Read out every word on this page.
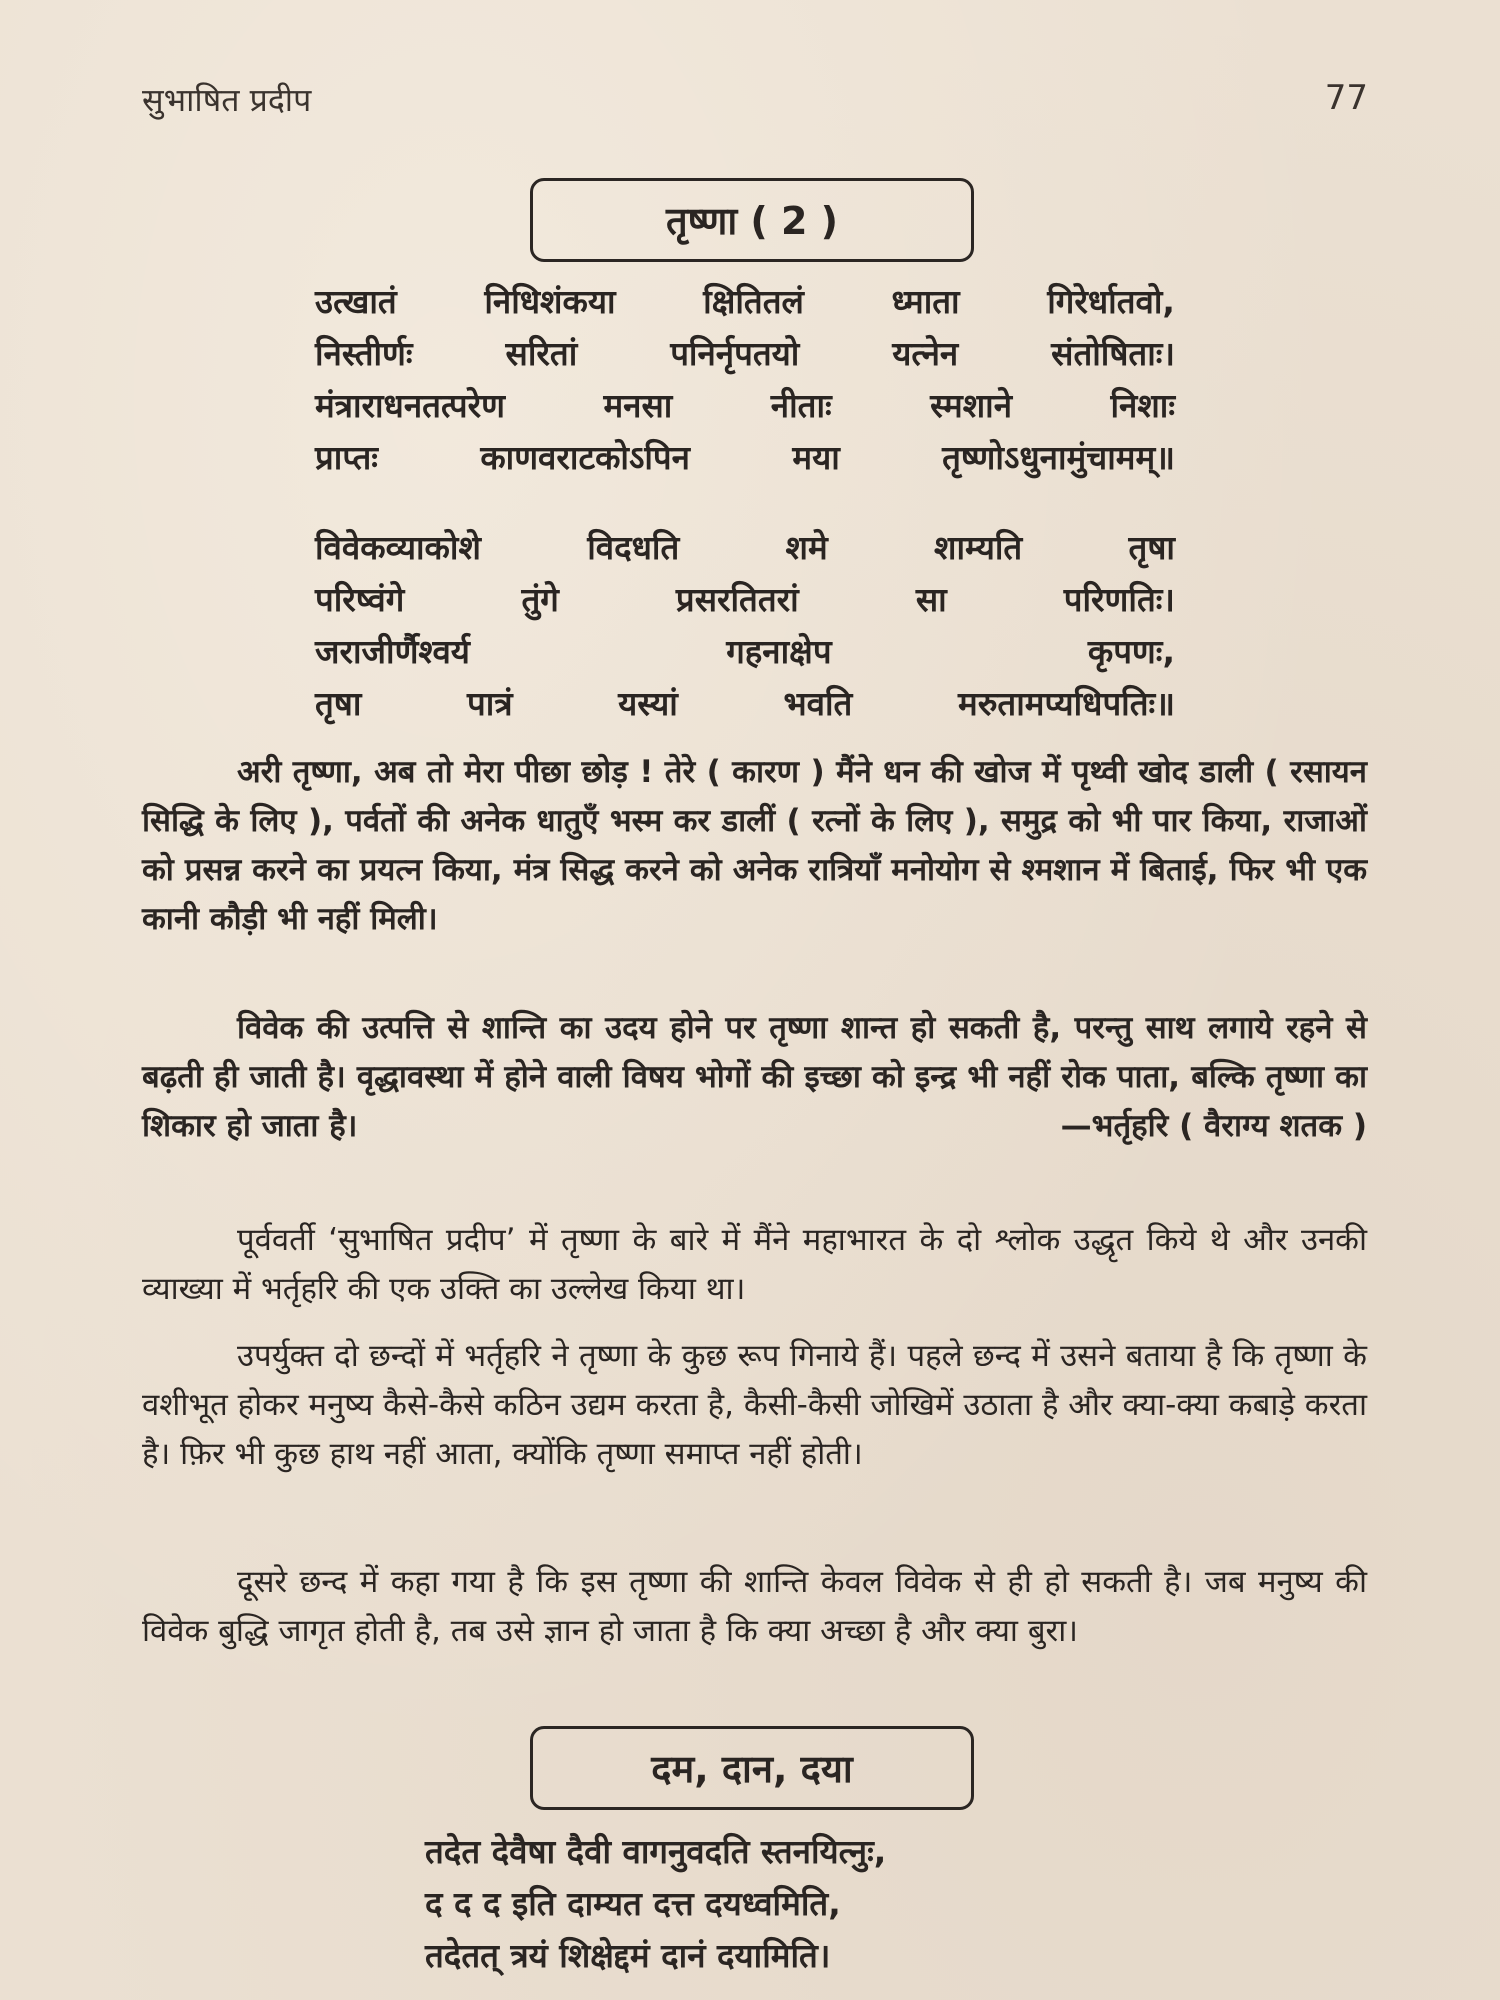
सुभाषित प्रदीप	77
तृष्णा ( 2 )
उत्खातं	निधिशंकया	क्षितितलं	ध्माता	गिरेर्धातवो,
निस्तीर्णः	सरितां	पनिर्नृपतयो	यत्नेन	संतोषिताः।
मंत्राराधनतत्परेण	मनसा	नीताः	स्मशाने	निशाः
प्राप्तः	काणवराटकोऽपिन	मया	तृष्णोऽधुनामुंचामम्॥
विवेकव्याकोशे	विदधति	शमे	शाम्यति	तृषा
परिष्वंगे	तुंगे	प्रसरतितरां	सा	परिणतिः।
जराजीर्णैश्वर्य	गहनाक्षेप	कृपणः,
तृषा	पात्रं	यस्यां	भवति	मरुतामप्यधिपतिः॥

अरी तृष्णा, अब तो मेरा पीछा छोड़ ! तेरे ( कारण ) मैंने धन की खोज में पृथ्वी खोद डाली ( रसायन सिद्धि के लिए ), पर्वतों की अनेक धातुएँ भस्म कर डालीं ( रत्नों के लिए ), समुद्र को भी पार किया, राजाओं को प्रसन्न करने का प्रयत्न किया, मंत्र सिद्ध करने को अनेक रात्रियाँ मनोयोग से श्मशान में बिताई, फिर भी एक कानी कौड़ी भी नहीं मिली।

विवेक की उत्पत्ति से शान्ति का उदय होने पर तृष्णा शान्त हो सकती है, परन्तु साथ लगाये रहने से बढ़ती ही जाती है। वृद्धावस्था में होने वाली विषय भोगों की इच्छा को इन्द्र भी नहीं रोक पाता, बल्कि तृष्णा का शिकार हो जाता है।	—भर्तृहरि ( वैराग्य शतक )

पूर्ववर्ती ‘सुभाषित प्रदीप’ में तृष्णा के बारे में मैंने महाभारत के दो श्लोक उद्धृत किये थे और उनकी व्याख्या में भर्तृहरि की एक उक्ति का उल्लेख किया था।

उपर्युक्त दो छन्दों में भर्तृहरि ने तृष्णा के कुछ रूप गिनाये हैं। पहले छन्द में उसने बताया है कि तृष्णा के वशीभूत होकर मनुष्य कैसे-कैसे कठिन उद्यम करता है, कैसी-कैसी जोखिमें उठाता है और क्या-क्या कबाड़े करता है। फ़िर भी कुछ हाथ नहीं आता, क्योंकि तृष्णा समाप्त नहीं होती।

दूसरे छन्द में कहा गया है कि इस तृष्णा की शान्ति केवल विवेक से ही हो सकती है। जब मनुष्य की विवेक बुद्धि जागृत होती है, तब उसे ज्ञान हो जाता है कि क्या अच्छा है और क्या बुरा।

दम, दान, दया
तदेत देवैषा दैवी वागनुवदति स्तनयित्नुः,
द द द इति दाम्यत दत्त दयध्वमिति,
तदेतत् त्रयं शिक्षेद्दमं दानं दयामिति।
